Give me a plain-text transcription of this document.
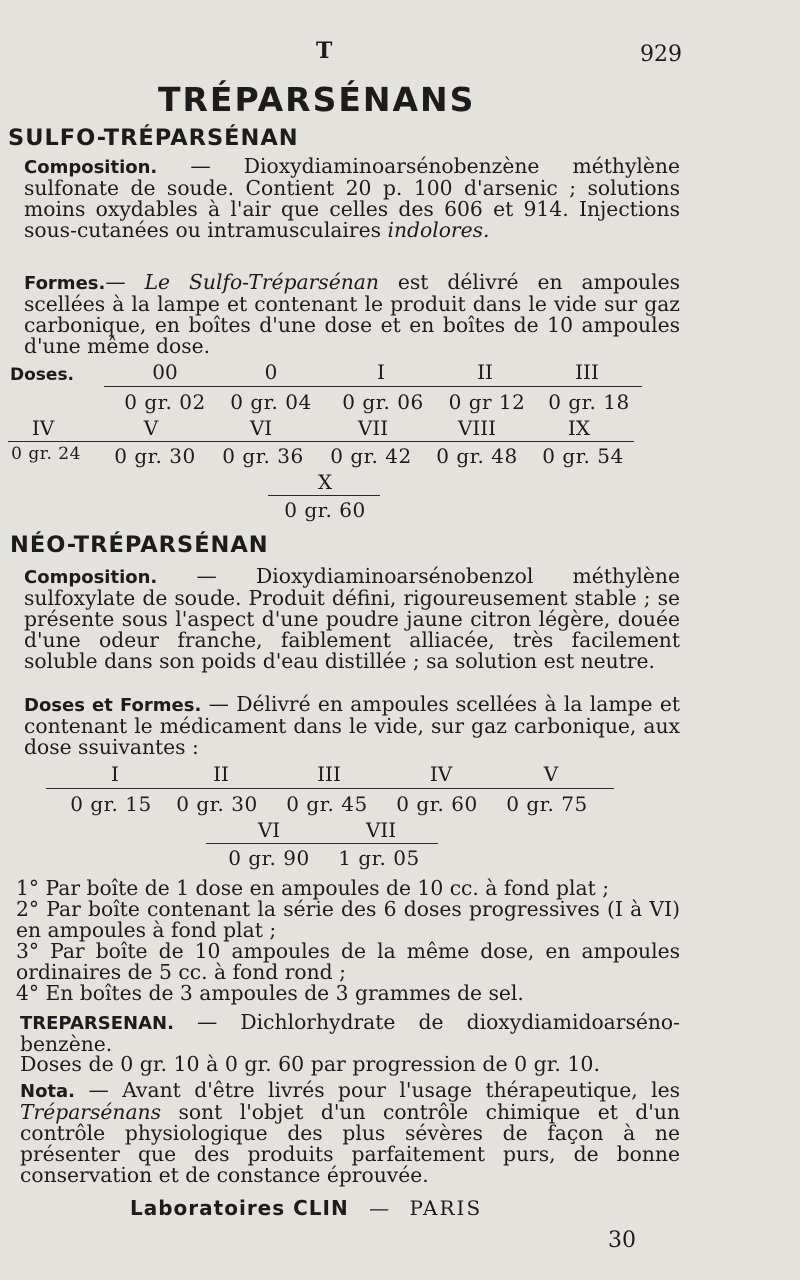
T	929
TRÉPARSÉNANS
SULFO-TRÉPARSÉNAN
Composition. — Dioxydiaminoarsénobenzène méthylène sulfonate de soude. Contient 20 p. 100 d'arsenic ; solutions moins oxydables à l'air que celles des 606 et 914. Injections sous-cutanées ou intramusculaires indolores.
Formes.— Le Sulfo-Tréparsénan est délivré en ampoules scellées à la lampe et contenant le produit dans le vide sur gaz carbonique, en boîtes d'une dose et en boîtes de 10 ampoules d'une même dose.
Doses.	00	0	I	II	III
0 gr. 02	0 gr. 04	0 gr. 06	0 gr 12	0 gr. 18
IV	V	VI	VII	VIII	IX
0 gr. 24	0 gr. 30	0 gr. 36	0 gr. 42	0 gr. 48	0 gr. 54
X
0 gr. 60
NÉO-TRÉPARSÉNAN
Composition. — Dioxydiaminoarsénobenzol méthylène sulfoxylate de soude. Produit défini, rigoureusement stable ; se présente sous l'aspect d'une poudre jaune citron légère, douée d'une odeur franche, faiblement alliacée, très facilement soluble dans son poids d'eau distillée ; sa solution est neutre.
Doses et Formes. — Délivré en ampoules scellées à la lampe et contenant le médicament dans le vide, sur gaz carbonique, aux dose ssuivantes :
I	II	III	IV	V
0 gr. 15	0 gr. 30	0 gr. 45	0 gr. 60	0 gr. 75
VI	VII
0 gr. 90	1 gr. 05
1° Par boîte de 1 dose en ampoules de 10 cc. à fond plat ;
2° Par boîte contenant la série des 6 doses progressives (I à VI) en ampoules à fond plat ;
3° Par boîte de 10 ampoules de la même dose, en ampoules ordinaires de 5 cc. à fond rond ;
4° En boîtes de 3 ampoules de 3 grammes de sel.
TREPARSENAN. — Dichlorhydrate de dioxydiamidoarséno-benzène.
Doses de 0 gr. 10 à 0 gr. 60 par progression de 0 gr. 10.
Nota. — Avant d'être livrés pour l'usage thérapeutique, les Tréparsénans sont l'objet d'un contrôle chimique et d'un contrôle physiologique des plus sévères de façon à ne présenter que des produits parfaitement purs, de bonne conservation et de constance éprouvée.
Laboratoires CLIN — PARIS
30
